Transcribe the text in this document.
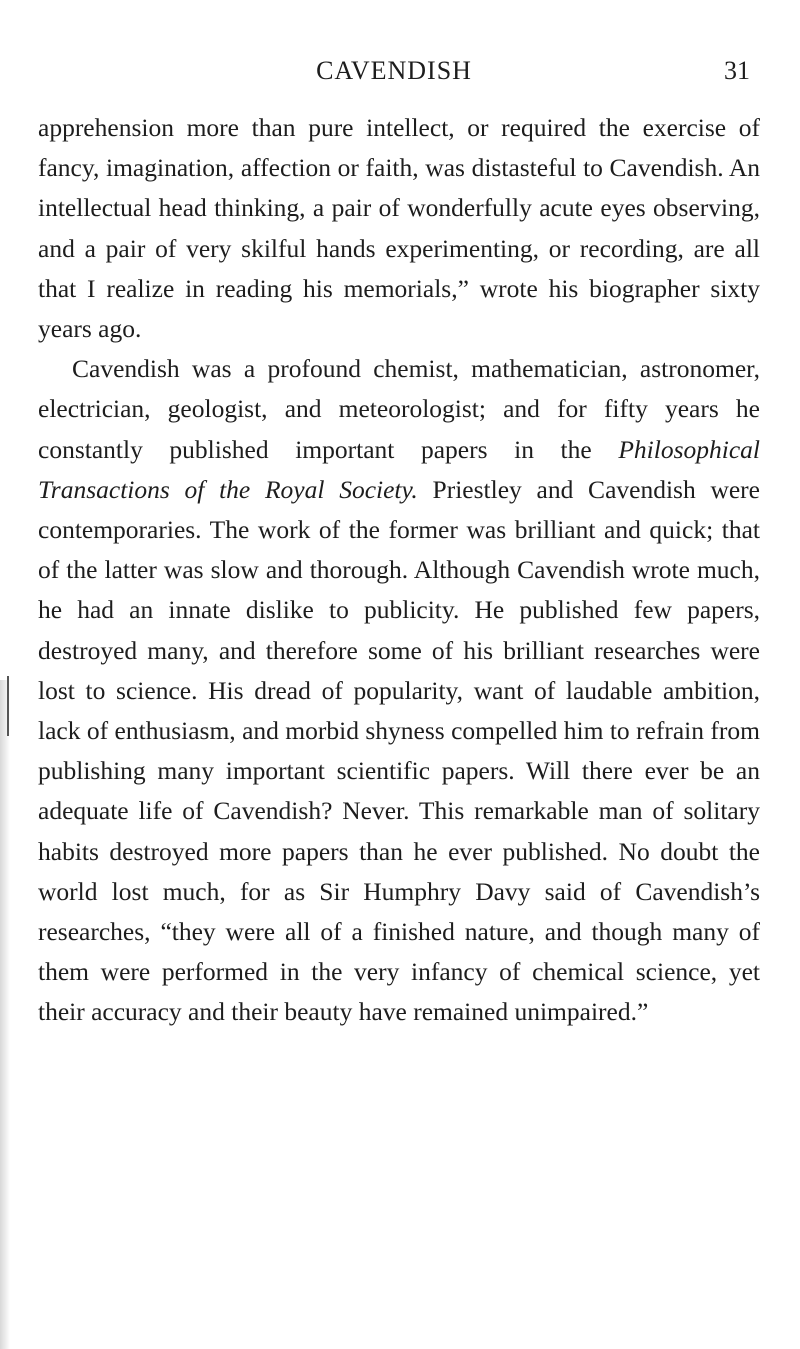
CAVENDISH	31

apprehension more than pure intellect, or required the exercise of fancy, imagination, affection or faith, was distasteful to Cavendish. An intellectual head thinking, a pair of wonderfully acute eyes observing, and a pair of very skilful hands experimenting, or recording, are all that I realize in reading his memorials,” wrote his biographer sixty years ago.

Cavendish was a profound chemist, mathematician, astronomer, electrician, geologist, and meteorologist; and for fifty years he constantly published important papers in the Philosophical Transactions of the Royal Society. Priestley and Cavendish were contemporaries. The work of the former was brilliant and quick; that of the latter was slow and thorough. Although Cavendish wrote much, he had an innate dislike to publicity. He published few papers, destroyed many, and therefore some of his brilliant researches were lost to science. His dread of popularity, want of laudable ambition, lack of enthusiasm, and morbid shyness compelled him to refrain from publishing many important scientific papers. Will there ever be an adequate life of Cavendish? Never. This remarkable man of solitary habits destroyed more papers than he ever published. No doubt the world lost much, for as Sir Humphry Davy said of Cavendish’s researches, “they were all of a finished nature, and though many of them were performed in the very infancy of chemical science, yet their accuracy and their beauty have remained unimpaired.”
